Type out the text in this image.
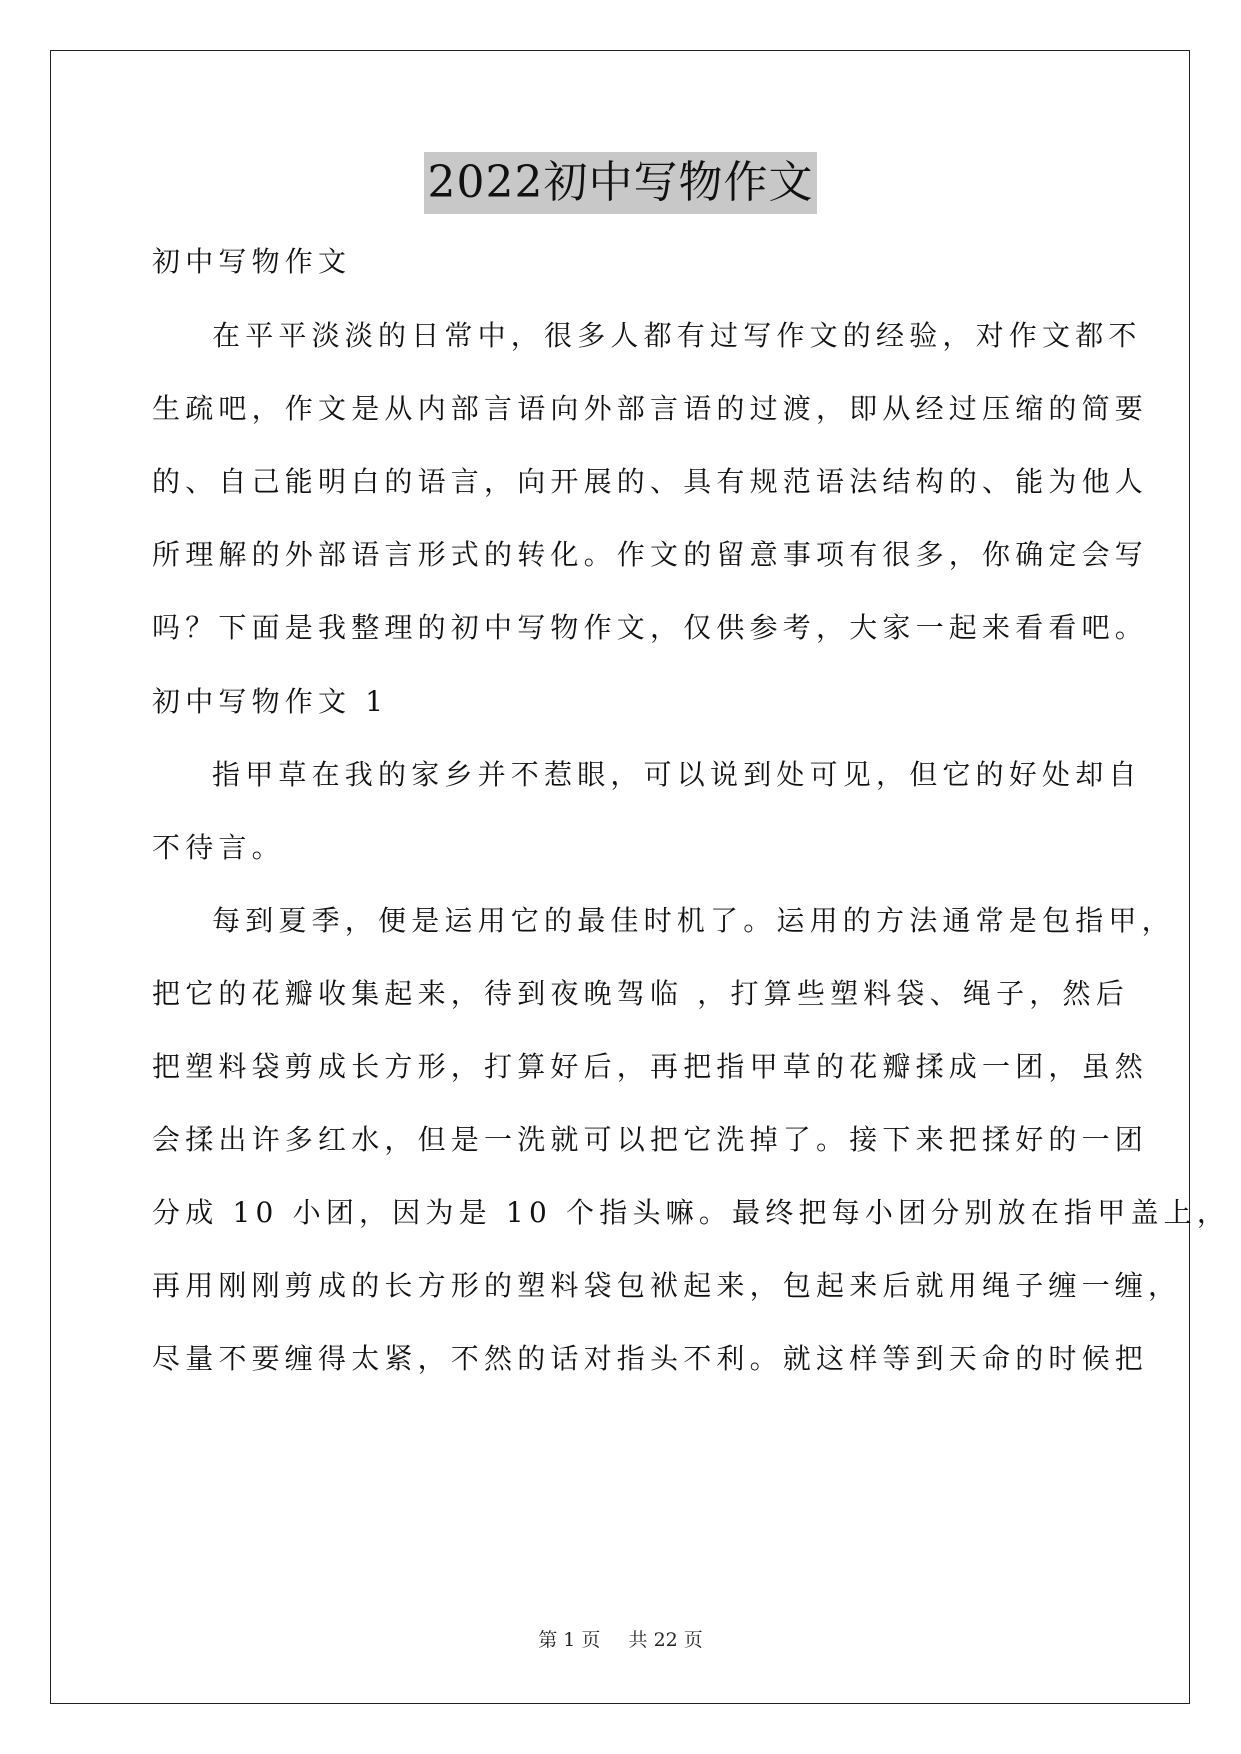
2022初中写物作文
初中写物作文
在平平淡淡的日常中，很多人都有过写作文的经验，对作文都不
生疏吧，作文是从内部言语向外部言语的过渡，即从经过压缩的简要
的、自己能明白的语言，向开展的、具有规范语法结构的、能为他人
所理解的外部语言形式的转化。作文的留意事项有很多，你确定会写
吗？下面是我整理的初中写物作文，仅供参考，大家一起来看看吧。
初中写物作文 1
指甲草在我的家乡并不惹眼，可以说到处可见，但它的好处却自
不待言。
每到夏季，便是运用它的最佳时机了。运用的方法通常是包指甲，
把它的花瓣收集起来，待到夜晚驾临 ，打算些塑料袋、绳子，然后
把塑料袋剪成长方形，打算好后，再把指甲草的花瓣揉成一团，虽然
会揉出许多红水，但是一洗就可以把它洗掉了。接下来把揉好的一团
分成 10 小团，因为是 10 个指头嘛。最终把每小团分别放在指甲盖上，
再用刚刚剪成的长方形的塑料袋包袱起来，包起来后就用绳子缠一缠，
尽量不要缠得太紧，不然的话对指头不利。就这样等到天命的时候把
第 1 页 共 22 页
